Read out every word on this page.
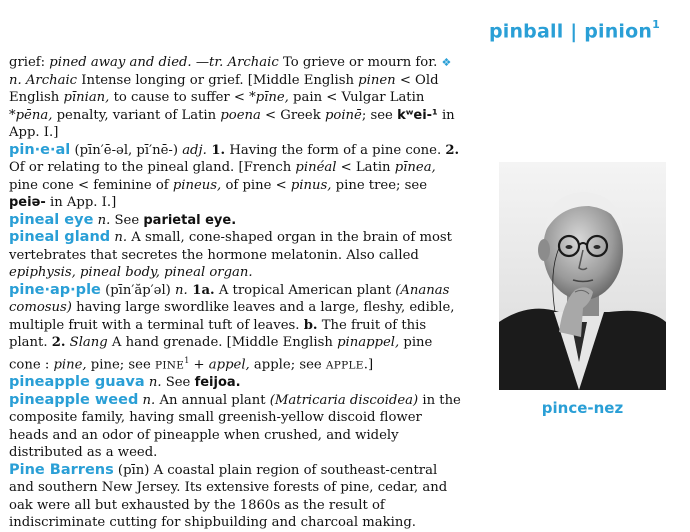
pinball | pinion$^1$

grief: pined away and died. —tr. Archaic To grieve or mourn for. ❖ n. Archaic Intense longing or grief. [Middle English pinen < Old English pīnian, to cause to suffer < *pīne, pain < Vulgar Latin *pēna, penalty, variant of Latin poena < Greek poinē; see kʷei-¹ in App. I.]

pin·e·al (pīn′ē-əl, pī′nē-) adj. 1. Having the form of a pine cone. 2. Of or relating to the pineal gland. [French pinéal < Latin pīnea, pine cone < feminine of pineus, of pine < pinus, pine tree; see peiə- in App. I.]

pineal eye n. See parietal eye.

pineal gland n. A small, cone-shaped organ in the brain of most vertebrates that secretes the hormone melatonin. Also called epiphysis, pineal body, pineal organ.

pine·ap·ple (pīn′ăp′əl) n. 1a. A tropical American plant (Ananas comosus) having large swordlike leaves and a large, fleshy, edible, multiple fruit with a terminal tuft of leaves. b. The fruit of this plant. 2. Slang A hand grenade. [Middle English pinappel, pine cone : pine, pine; see $PINE^1$ + appel, apple; see APPLE.]

pineapple guava n. See feijoa.

pineapple weed n. An annual plant (Matricaria discoidea) in the composite family, having small greenish-yellow discoid flower heads and an odor of pineapple when crushed, and widely distributed as a weed.

Pine Barrens (pīn) A coastal plain region of southeast-central and southern New Jersey. Its extensive forests of pine, cedar, and oak were all but exhausted by the 1860s as the result of indiscriminate cutting for shipbuilding and charcoal making.

pince-nez
